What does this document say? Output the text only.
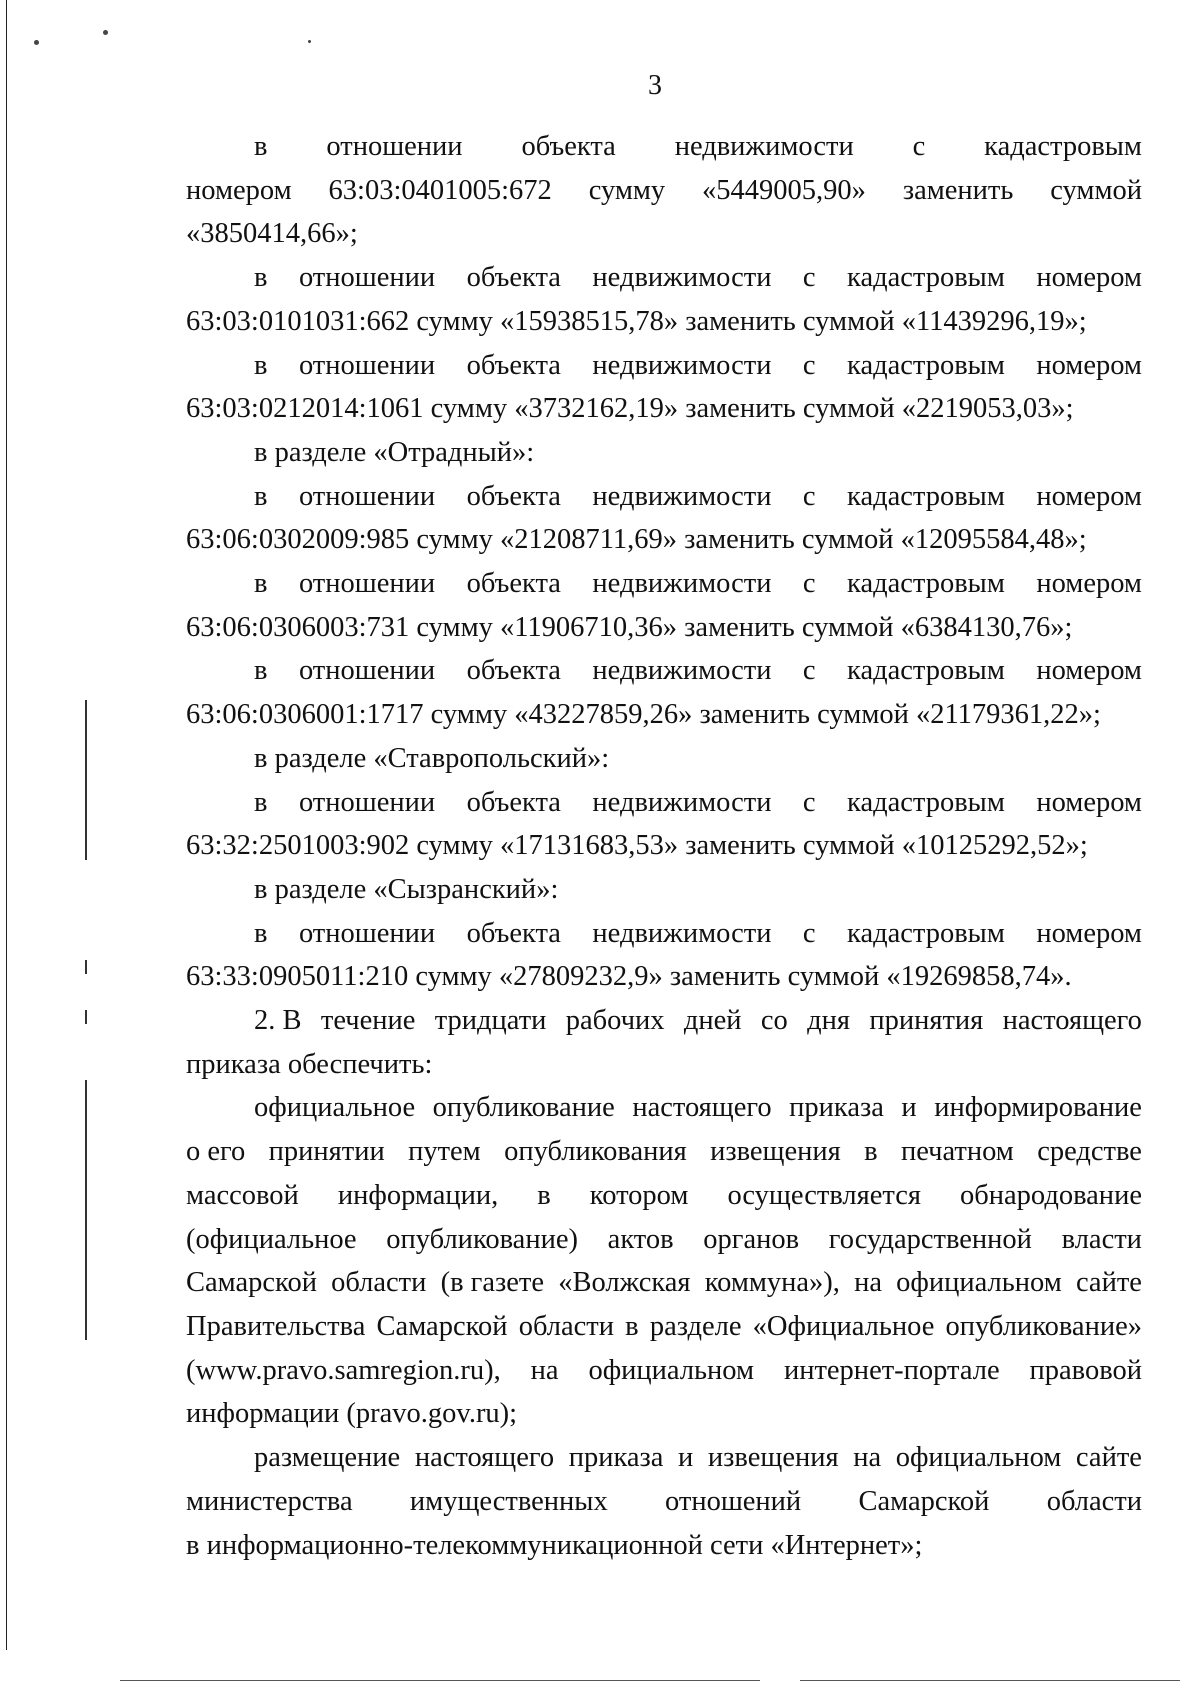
3
в отношении объекта недвижимости с кадастровым
номером 63:03:0401005:672 сумму «5449005,90» заменить суммой
«3850414,66»;
в отношении объекта недвижимости с кадастровым номером
63:03:0101031:662 сумму «15938515,78» заменить суммой «11439296,19»;
в отношении объекта недвижимости с кадастровым номером
63:03:0212014:1061 сумму «3732162,19» заменить суммой «2219053,03»;
в разделе «Отрадный»:
в отношении объекта недвижимости с кадастровым номером
63:06:0302009:985 сумму «21208711,69» заменить суммой «12095584,48»;
в отношении объекта недвижимости с кадастровым номером
63:06:0306003:731 сумму «11906710,36» заменить суммой «6384130,76»;
в отношении объекта недвижимости с кадастровым номером
63:06:0306001:1717 сумму «43227859,26» заменить суммой «21179361,22»;
в разделе «Ставропольский»:
в отношении объекта недвижимости с кадастровым номером
63:32:2501003:902 сумму «17131683,53» заменить суммой «10125292,52»;
в разделе «Сызранский»:
в отношении объекта недвижимости с кадастровым номером
63:33:0905011:210 сумму «27809232,9» заменить суммой «19269858,74».
2. В течение тридцати рабочих дней со дня принятия настоящего
приказа обеспечить:
официальное опубликование настоящего приказа и информирование
о его принятии путем опубликования извещения в печатном средстве
массовой информации, в котором осуществляется обнародование
(официальное опубликование) актов органов государственной власти
Самарской области (в газете «Волжская коммуна»), на официальном сайте
Правительства Самарской области в разделе «Официальное опубликование»
(www.pravo.samregion.ru), на официальном интернет-портале правовой
информации (pravo.gov.ru);
размещение настоящего приказа и извещения на официальном сайте
министерства имущественных отношений Самарской области
в информационно-телекоммуникационной сети «Интернет»;
